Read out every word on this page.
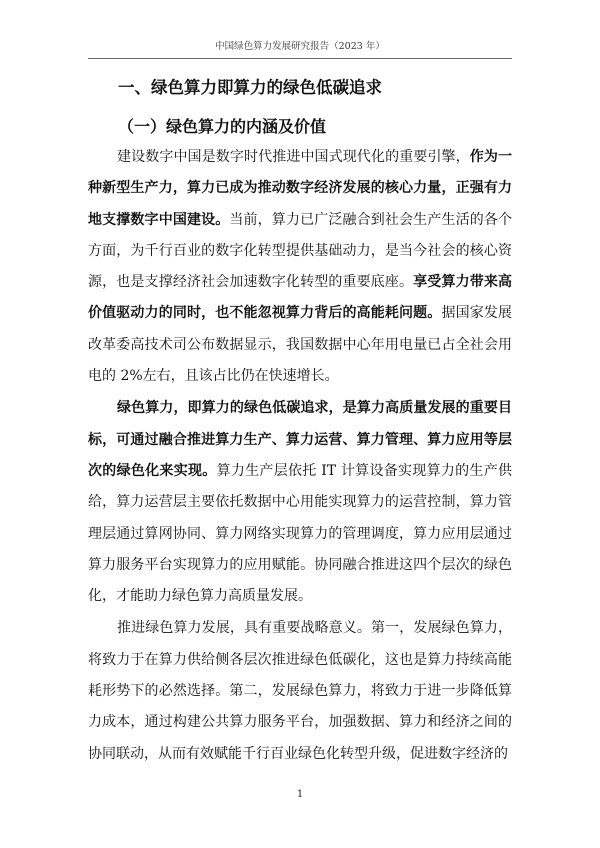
中国绿色算力发展研究报告（2023 年）
一、绿色算力即算力的绿色低碳追求
（一）绿色算力的内涵及价值
建设数字中国是数字时代推进中国式现代化的重要引擎，作为一
种新型生产力，算力已成为推动数字经济发展的核心力量，正强有力
地支撑数字中国建设。当前，算力已广泛融合到社会生产生活的各个
方面，为千行百业的数字化转型提供基础动力，是当今社会的核心资
源，也是支撑经济社会加速数字化转型的重要底座。享受算力带来高
价值驱动力的同时，也不能忽视算力背后的高能耗问题。据国家发展
改革委高技术司公布数据显示，我国数据中心年用电量已占全社会用
电的 2%左右，且该占比仍在快速增长。
绿色算力，即算力的绿色低碳追求，是算力高质量发展的重要目
标，可通过融合推进算力生产、算力运营、算力管理、算力应用等层
次的绿色化来实现。算力生产层依托 IT 计算设备实现算力的生产供
给，算力运营层主要依托数据中心用能实现算力的运营控制，算力管
理层通过算网协同、算力网络实现算力的管理调度，算力应用层通过
算力服务平台实现算力的应用赋能。协同融合推进这四个层次的绿色
化，才能助力绿色算力高质量发展。
推进绿色算力发展，具有重要战略意义。第一，发展绿色算力，
将致力于在算力供给侧各层次推进绿色低碳化，这也是算力持续高能
耗形势下的必然选择。第二，发展绿色算力，将致力于进一步降低算
力成本，通过构建公共算力服务平台，加强数据、算力和经济之间的
协同联动，从而有效赋能千行百业绿色化转型升级，促进数字经济的
1
